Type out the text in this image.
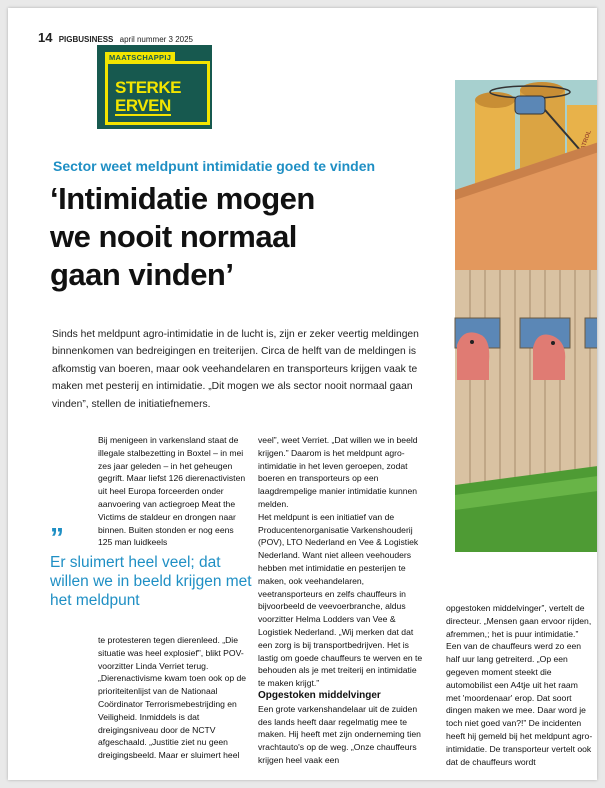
14 PIGBUSINESS april nummer 3 2025
MAATSCHAPPIJ
STERKE
ERVEN
Sector weet meldpunt intimidatie goed te vinden
‘Intimidatie mogen
we nooit normaal
gaan vinden’
Sinds het meldpunt agro-intimidatie in de lucht is, zijn er zeker veertig meldingen binnenkomen van bedreigingen en treiterijen. Circa de helft van de meldingen is afkomstig van boeren, maar ook veehandelaren en transporteurs krijgen vaak te maken met pesterij en intimidatie. „Dit mogen we als sector nooit normaal gaan vinden”, stellen de initiatiefnemers.

Bij menigeen in varkensland staat de illegale stalbezetting in Boxtel – in mei zes jaar geleden – in het geheugen gegrift. Maar liefst 126 dierenactivisten uit heel Europa forceerden onder aanvoering van actiegroep Meat the Victims de staldeur en drongen naar binnen. Buiten stonden er nog eens 125 man luidkeels

”
Er sluimert heel veel; dat willen we in beeld krijgen met het meldpunt

te protesteren tegen dierenleed. „Die situatie was heel explosief”, blikt POV-voorzitter Linda Verriet terug. „Dierenactivisme kwam toen ook op de prioriteitenlijst van de Nationaal Coördinator Terrorismebestrijding en Veiligheid. Inmiddels is dat dreigingsniveau door de NCTV afgeschaald. „Justitie ziet nu geen dreigingsbeeld. Maar er sluimert heel

veel”, weet Verriet. „Dat willen we in beeld krijgen.” Daarom is het meldpunt agro-intimidatie in het leven geroepen, zodat boeren en transporteurs op een laagdrempelige manier intimidatie kunnen melden.

Het meldpunt is een initiatief van de Producentenorganisatie Varkenshouderij (POV), LTO Nederland en Vee & Logistiek Nederland. Want niet alleen veehouders hebben met intimidatie en pesterijen te maken, ook veehandelaren, veetransporteurs en zelfs chauffeurs in bijvoorbeeld de veevoerbranche, aldus voorzitter Helma Lodders van Vee & Logistiek Nederland. „Wij merken dat dat een zorg is bij transportbedrijven. Het is lastig om goede chauffeurs te werven en te behouden als je met treiterij en intimidatie te maken krijgt.”

Opgestoken middelvinger

Een grote varkenshandelaar uit de zuiden des lands heeft daar regelmatig mee te maken. Hij heeft met zijn onderneming tien vrachtauto's op de weg. „Onze chauffeurs krijgen heel vaak een

opgestoken middelvinger”, vertelt de directeur. „Mensen gaan ervoor rijden, afremmen,; het is puur intimidatie.” Een van de chauffeurs werd zo een half uur lang getreiterd. „Op een gegeven moment steekt die automobilist een A4tje uit het raam met 'moordenaar' erop. Dat soort dingen maken we mee. Daar word je toch niet goed van?!” De incidenten heeft hij gemeld bij het meldpunt agro-intimidatie. De transporteur vertelt ook dat de chauffeurs wordt
